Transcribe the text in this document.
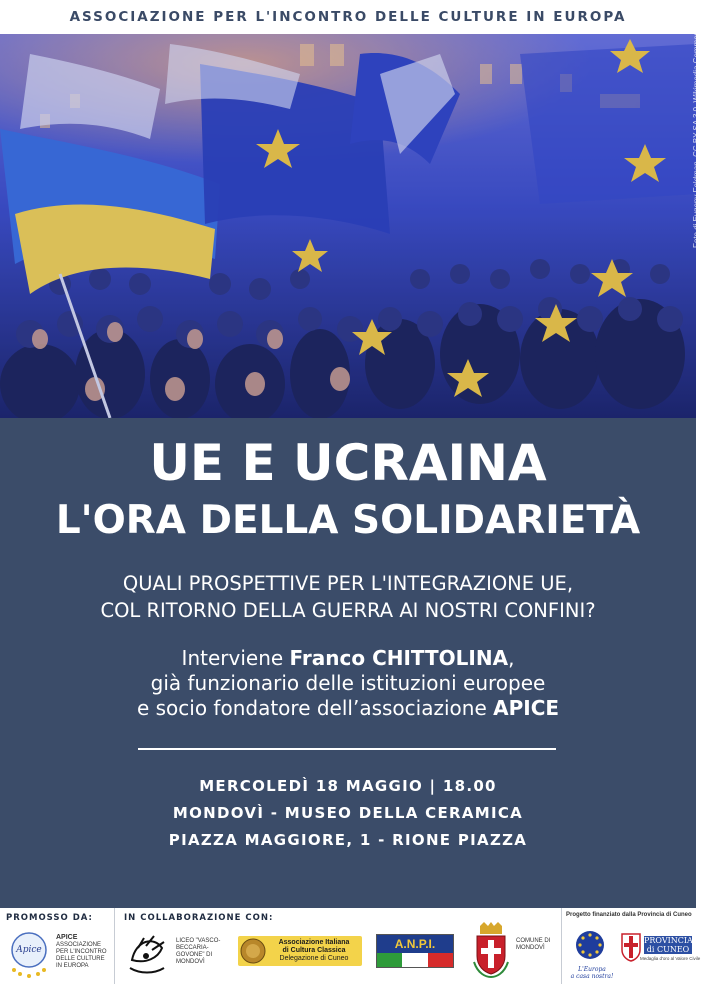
ASSOCIAZIONE PER L'INCONTRO DELLE CULTURE IN EUROPA
Foto di Evgeny Feldman, CC BY-SA 3.0, Wikimedia Commons
UE E UCRAINA
L'ORA DELLA SOLIDARIETÀ
QUALI PROSPETTIVE PER L'INTEGRAZIONE UE,
COL RITORNO DELLA GUERRA AI NOSTRI CONFINI?
Interviene Franco CHITTOLINA,
già funzionario delle istituzioni europee
e socio fondatore dell’associazione APICE
MERCOLEDÌ 18 MAGGIO | 18.00
MONDOVÌ - MUSEO DELLA CERAMICA
PIAZZA MAGGIORE, 1 - RIONE PIAZZA
PROMOSSO DA:	IN COLLABORAZIONE CON:
Apice
APICE
ASSOCIAZIONE
PER L'INCONTRO
DELLE CULTURE
IN EUROPA
LICEO "VASCO-
BECCARIA-
GOVONE" DI
MONDOVÌ
Associazione Italiana
di Cultura Classica
Delegazione di Cuneo
A.N.P.I.	COMUNE DI
MONDOVÌ
Progetto finanziato dalla Provincia di Cuneo
L'Europa
a casa nostra!
PROVINCIA
di CUNEO
Medaglia d'oro al Valore Civile
